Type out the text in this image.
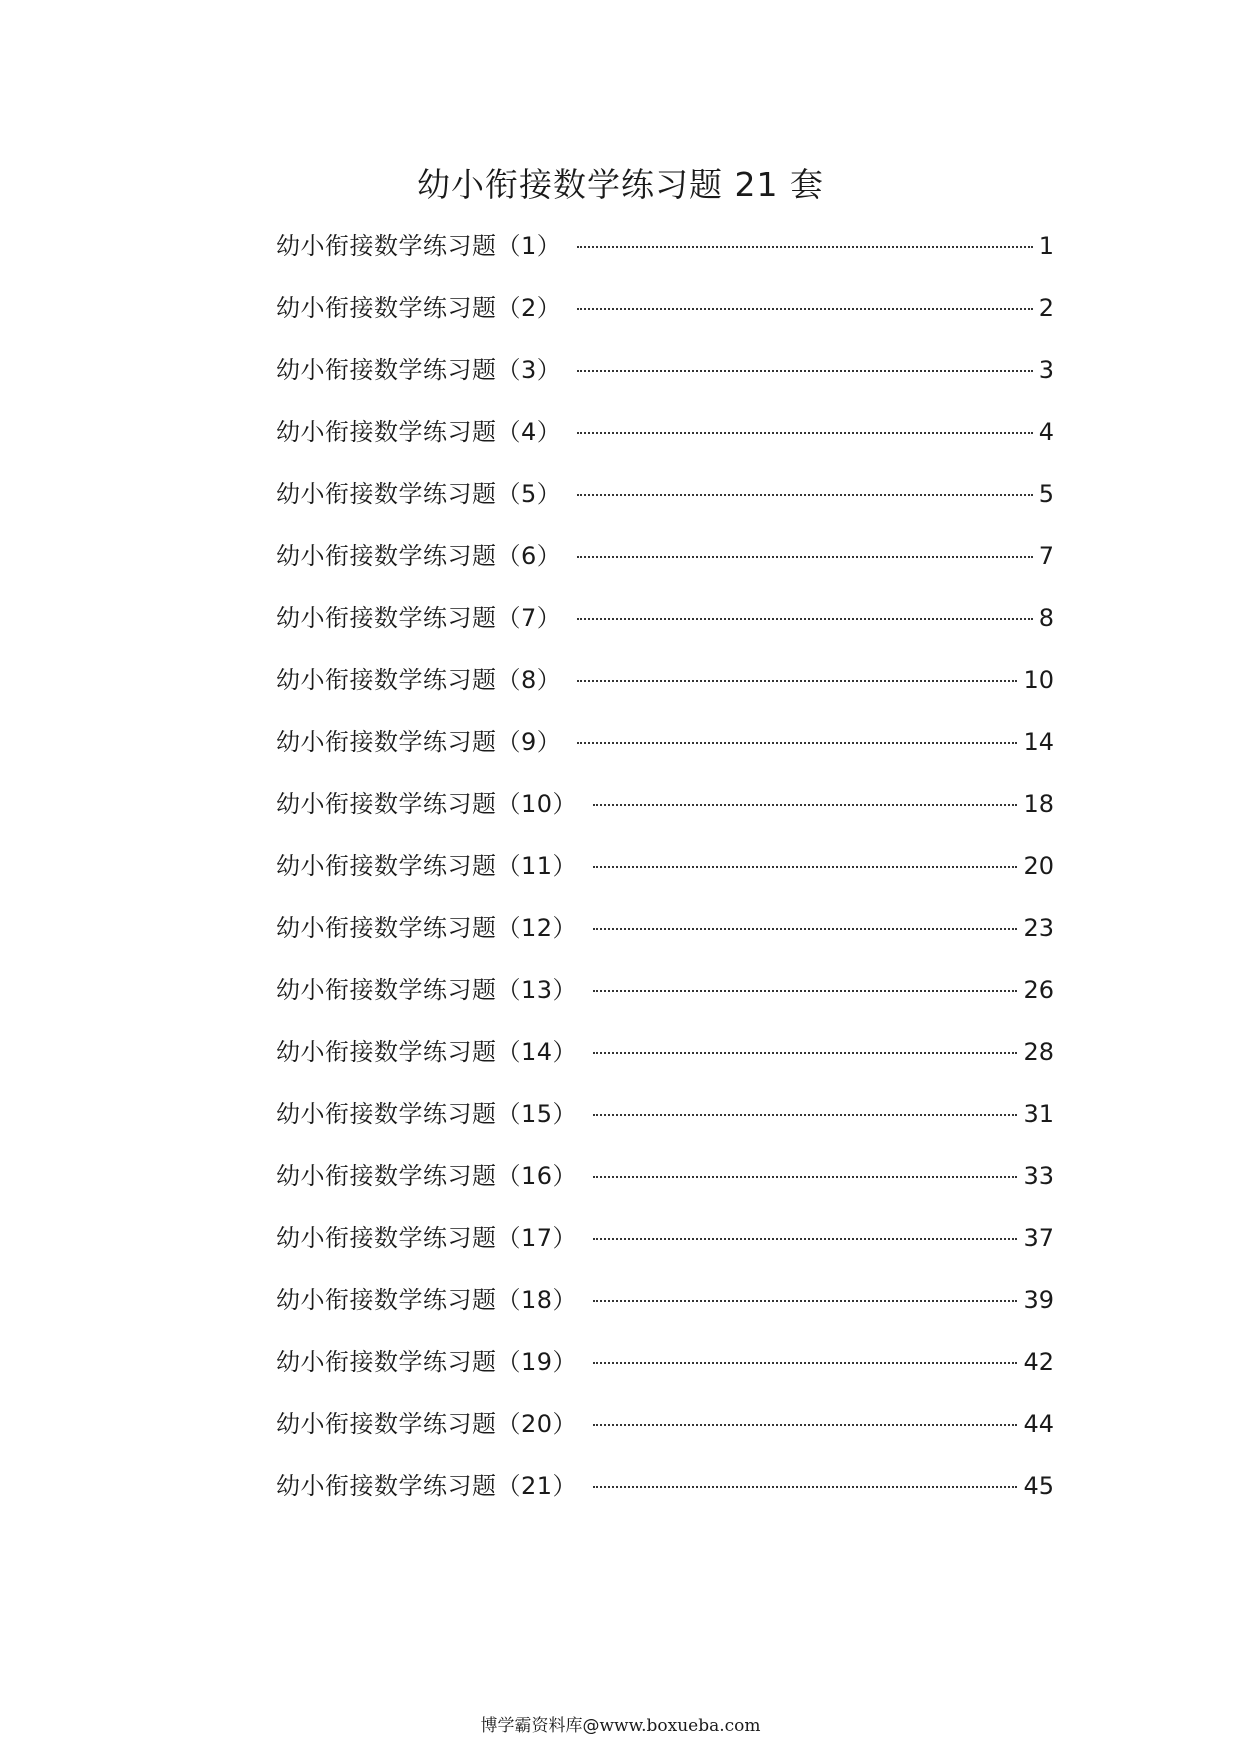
幼小衔接数学练习题 21 套
幼小衔接数学练习题（1）	1
幼小衔接数学练习题（2）	2
幼小衔接数学练习题（3）	3
幼小衔接数学练习题（4）	4
幼小衔接数学练习题（5）	5
幼小衔接数学练习题（6）	7
幼小衔接数学练习题（7）	8
幼小衔接数学练习题（8）	10
幼小衔接数学练习题（9）	14
幼小衔接数学练习题（10）	18
幼小衔接数学练习题（11）	20
幼小衔接数学练习题（12）	23
幼小衔接数学练习题（13）	26
幼小衔接数学练习题（14）	28
幼小衔接数学练习题（15）	31
幼小衔接数学练习题（16）	33
幼小衔接数学练习题（17）	37
幼小衔接数学练习题（18）	39
幼小衔接数学练习题（19）	42
幼小衔接数学练习题（20）	44
幼小衔接数学练习题（21）	45
博学霸资料库@www.boxueba.com
